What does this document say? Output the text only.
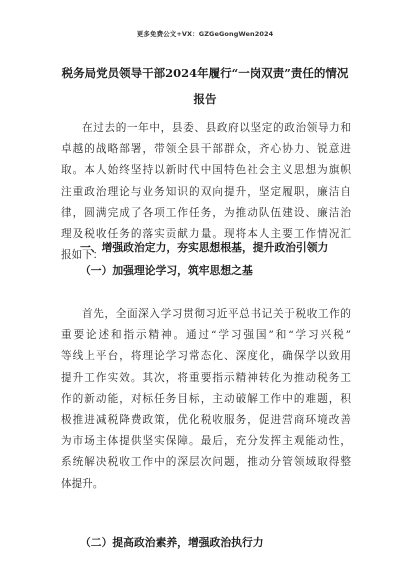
更多免费公文+VX：GZGeGongWen2024
税务局党员领导干部2024年履行“一岗双责”责任的情况
报告
在过去的一年中，县委、县政府以坚定的政治领导力和
卓越的战略部署，带领全县干部群众，齐心协力、锐意进
取。本人始终坚持以新时代中国特色社会主义思想为旗帜
注重政治理论与业务知识的双向提升，坚定履职，廉洁自
律，圆满完成了各项工作任务，为推动队伍建设、廉洁治
理及税收任务的落实贡献力量。现将本人主要工作情况汇
报如下：
一、增强政治定力，夯实思想根基，提升政治引领力
（一）加强理论学习，筑牢思想之基
首先，全面深入学习贯彻习近平总书记关于税收工作的
重要论述和指示精神。通过“学习强国”和“学习兴税”
等线上平台，将理论学习常态化、深度化，确保学以致用
提升工作实效。其次，将重要指示精神转化为推动税务工
作的新动能，对标任务目标，主动破解工作中的难题，积
极推进减税降费政策，优化税收服务，促进营商环境改善
为市场主体提供坚实保障。最后，充分发挥主观能动性，
系统解决税收工作中的深层次问题，推动分管领域取得整
体提升。
（二）提高政治素养，增强政治执行力
